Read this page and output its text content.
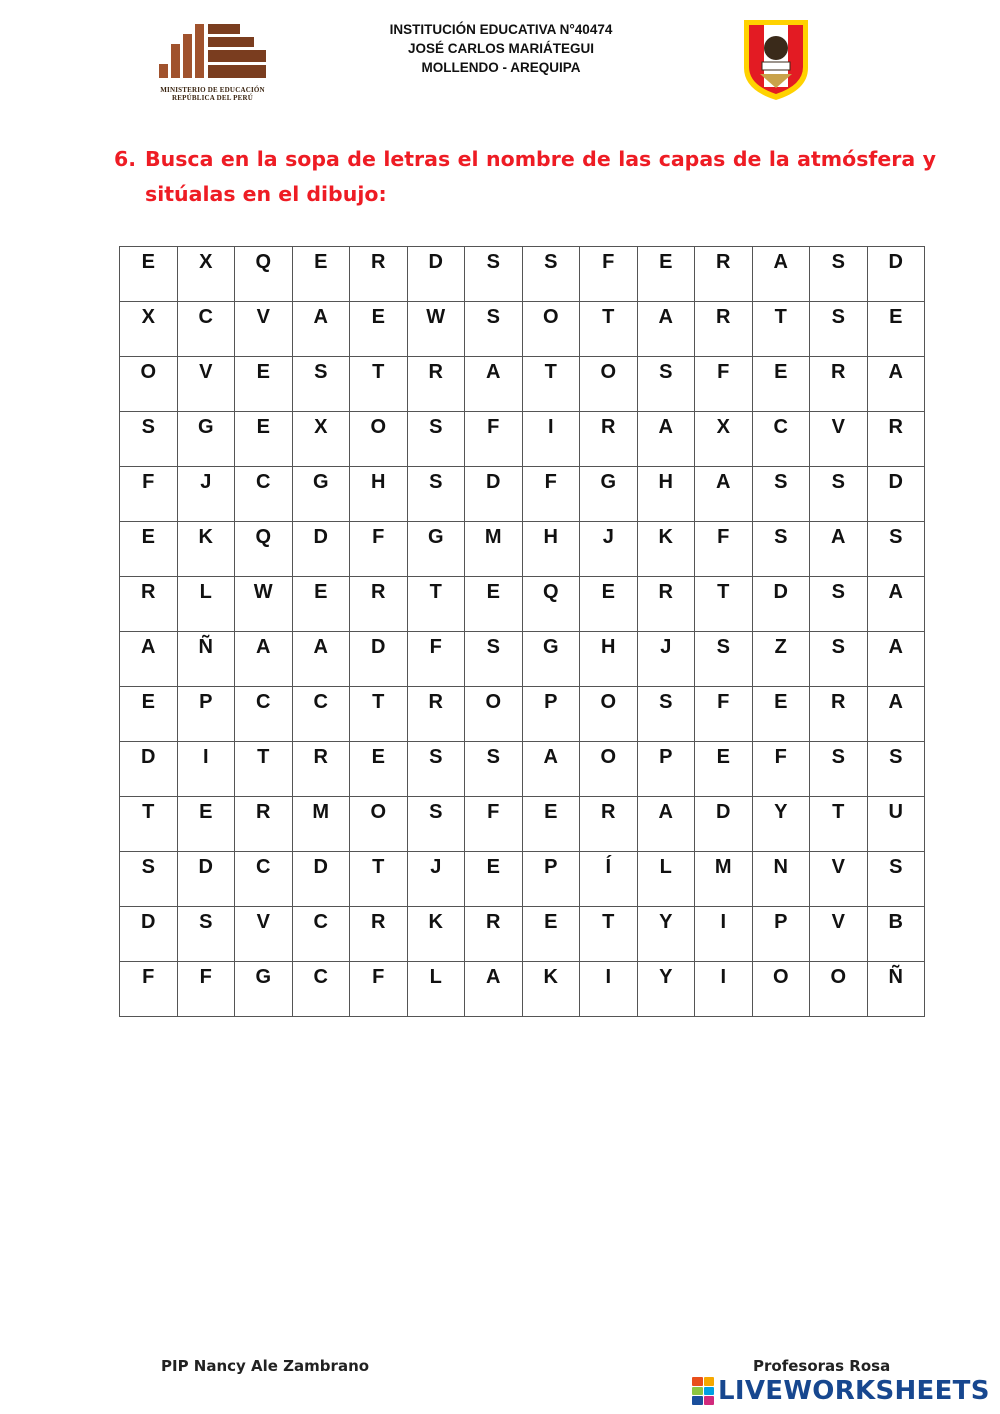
MINISTERIO DE EDUCACIÓN
REPÚBLICA DEL PERÚ
INSTITUCIÓN EDUCATIVA N°40474
JOSÉ CARLOS MARIÁTEGUI
MOLLENDO - AREQUIPA
6. Busca en la sopa de letras el nombre de las capas de la atmósfera y sitúalas en el dibujo:
E	X	Q	E	R	D	S	S	F	E	R	A	S	D

X	C	V	A	E	W	S	O	T	A	R	T	S	E

O	V	E	S	T	R	A	T	O	S	F	E	R	A

S	G	E	X	O	S	F	I	R	A	X	C	V	R

F	J	C	G	H	S	D	F	G	H	A	S	S	D

E	K	Q	D	F	G	M	H	J	K	F	S	A	S

R	L	W	E	R	T	E	Q	E	R	T	D	S	A

A	Ñ	A	A	D	F	S	G	H	J	S	Z	S	A

E	P	C	C	T	R	O	P	O	S	F	E	R	A

D	I	T	R	E	S	S	A	O	P	E	F	S	S

T	E	R	M	O	S	F	E	R	A	D	Y	T	U

S	D	C	D	T	J	E	P	Í	L	M	N	V	S

D	S	V	C	R	K	R	E	T	Y	I	P	V	B

F	F	G	C	F	L	A	K	I	Y	I	O	O	Ñ
PIP Nancy Ale Zambrano	Profesoras Rosa
LIVEWORKSHEETS
